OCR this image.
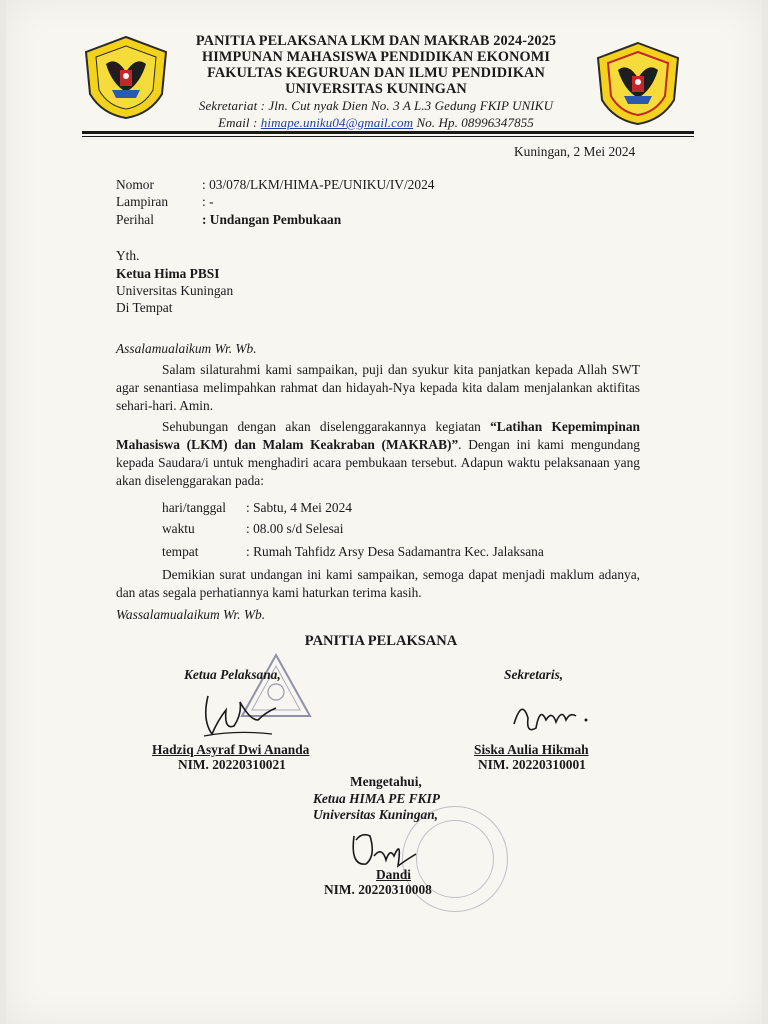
PANITIA PELAKSANA LKM DAN MAKRAB 2024-2025
HIMPUNAN MAHASISWA PENDIDIKAN EKONOMI
FAKULTAS KEGURUAN DAN ILMU PENDIDIKAN
UNIVERSITAS KUNINGAN
Sekretariat : Jln. Cut nyak Dien No. 3 A L.3 Gedung FKIP UNIKU
Email : himape.uniku04@gmail.com No. Hp. 08996347855
Kuningan, 2 Mei 2024
Nomor	: 03/078/LKM/HIMA-PE/UNIKU/IV/2024
Lampiran	: -
Perihal	: Undangan Pembukaan
Yth.
Ketua Hima PBSI
Universitas Kuningan
Di Tempat
Assalamualaikum Wr. Wb.
Salam silaturahmi kami sampaikan, puji dan syukur kita panjatkan kepada Allah SWT agar senantiasa melimpahkan rahmat dan hidayah-Nya kepada kita dalam menjalankan aktifitas sehari-hari. Amin.
Sehubungan dengan akan diselenggarakannya kegiatan “Latihan Kepemimpinan Mahasiswa (LKM) dan Malam Keakraban (MAKRAB)”. Dengan ini kami mengundang kepada Saudara/i untuk menghadiri acara pembukaan tersebut. Adapun waktu pelaksanaan yang akan diselenggarakan pada:
hari/tanggal : Sabtu, 4 Mei 2024
waktu	: 08.00 s/d Selesai
tempat	: Rumah Tahfidz Arsy Desa Sadamantra Kec. Jalaksana
Demikian surat undangan ini kami sampaikan, semoga dapat menjadi maklum adanya, dan atas segala perhatiannya kami haturkan terima kasih.
Wassalamualaikum Wr. Wb.
PANITIA PELAKSANA
Ketua Pelaksana,
Hadziq Asyraf Dwi Ananda
NIM. 20220310021
Sekretaris,
Siska Aulia Hikmah
NIM. 20220310001
Mengetahui,
Ketua HIMA PE FKIP
Universitas Kuningan,
Dandi
NIM. 20220310008
